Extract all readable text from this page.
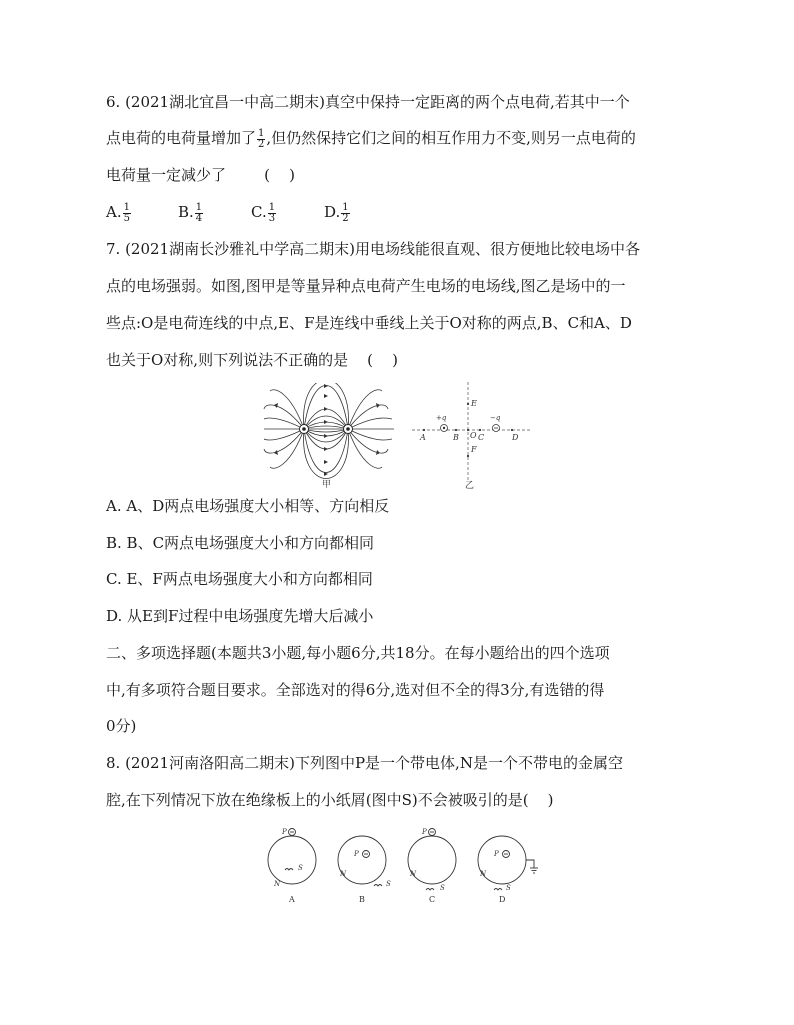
6. (2021湖北宜昌一中高二期末)真空中保持一定距离的两个点电荷,若其中一个
点电荷的电荷量增加了 $\frac{1}{2}$ ,但仍然保持它们之间的相互作用力不变,则另一点电荷的
电荷量一定减少了        (    )
A. $\frac{1}{5}$	B. $\frac{1}{4}$	C. $\frac{1}{3}$	D. $\frac{1}{2}$
7. (2021湖南长沙雅礼中学高二期末)用电场线能很直观、很方便地比较电场中各
点的电场强弱。如图,图甲是等量异种点电荷产生电场的电场线,图乙是场中的一
些点:O是电荷连线的中点,E、F是连线中垂线上关于O对称的两点,B、C和A、D
也关于O对称,则下列说法不正确的是    (    )
甲
A	B O C	D
E
F
+q	−q
乙
A. A、D两点电场强度大小相等、方向相反
B. B、C两点电场强度大小和方向都相同
C. E、F两点电场强度大小和方向都相同
D. 从E到F过程中电场强度先增大后减小
二、多项选择题(本题共3小题,每小题6分,共18分。在每小题给出的四个选项
中,有多项符合题目要求。全部选对的得6分,选对但不全的得3分,有选错的得
0分)
8. (2021河南洛阳高二期末)下列图中P是一个带电体,N是一个不带电的金属空
腔,在下列情况下放在绝缘板上的小纸屑(图中S)不会被吸引的是(    )
P
N
S
P
N
S
P
N
S
P
N
S
A	B	C	D
